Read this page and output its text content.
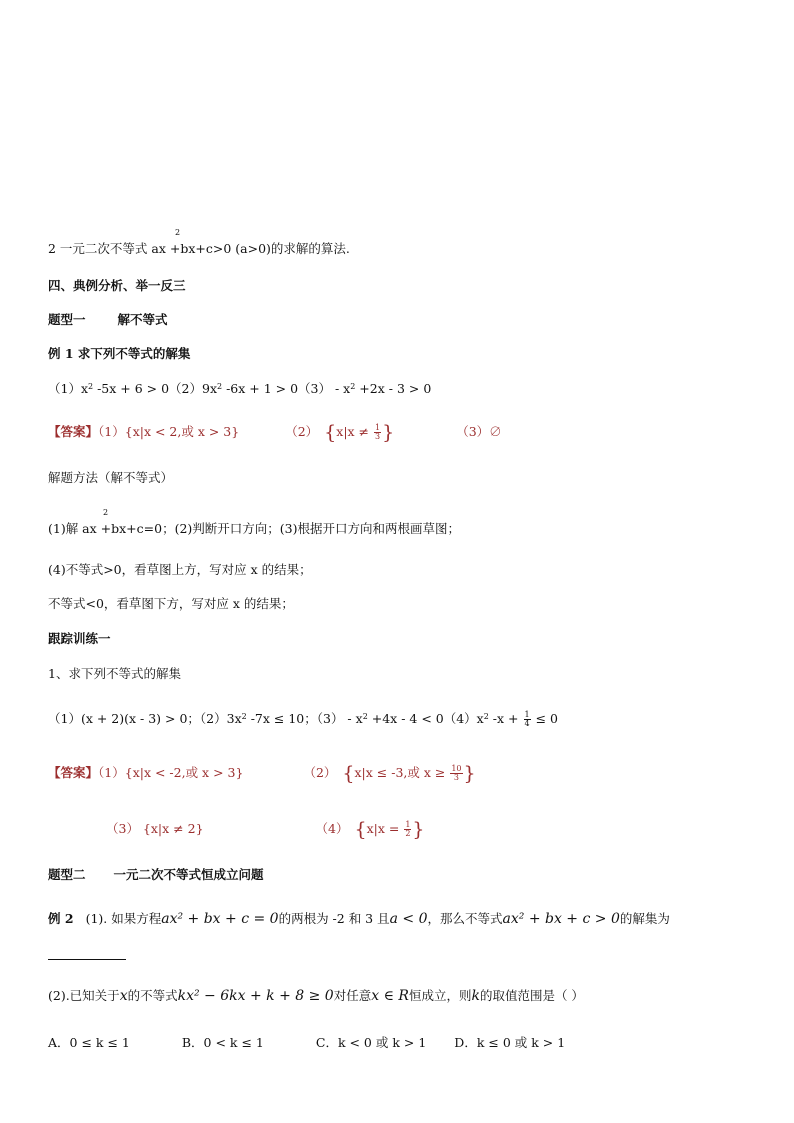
2 一元二次不等式 ax +bx+c>0 (a>0)的求解的算法.
2
四、典例分析、举一反三
题型一	解不等式
例 1 求下列不等式的解集
$(1)x^2$ $-5x + 6 > 0(2)9x^2$ $-6x + 1 > 0(3) - x^2 +2x - 3 > 0$
【答案】（1）{x|x < 2,或 x > 3}	（2） {$x|x \ne \frac{1}{3}$ }	（3）∅
解题方法（解不等式）
(1)解 ax +bx+c=0；(2)判断开口方向；(3)根据开口方向和两根画草图；
2
(4)不等式>0，看草图上方，写对应 x 的结果；
不等式<0，看草图下方，写对应 x 的结果；
跟踪训练一
1、求下列不等式的解集
（1）(x + 2)(x - 3) > 0；$(2)3x^2$ -7x ≤ 10；$(3) - x^2 +4x - 4 < 0(4)x^2$ $-x + \frac{1}{4} \le 0$
【答案】（1）{x|x < -2,或 x > 3}	（2） {x|x ≤ -3,或 $x \ge \frac{10}{3}$ }
（3） {x|x ≠ 2}	（4） {$x|x = \frac{1}{2}$ }
题型二 一元二次不等式恒成立问题
例 2 (1). 如果方程ax² + bx + c = 0的两根为 -2 和 3 且a < 0，那么不等式ax² + bx + c > 0的解集为
(2).已知关于x的不等式kx² − 6kx + k + 8 ≥ 0对任意x ∈ R恒成立，则k的取值范围是（ ）
A．0 ≤ k ≤ 1	B．0 < k ≤ 1	C．k < 0 或 k > 1 D．k ≤ 0 或 k > 1
